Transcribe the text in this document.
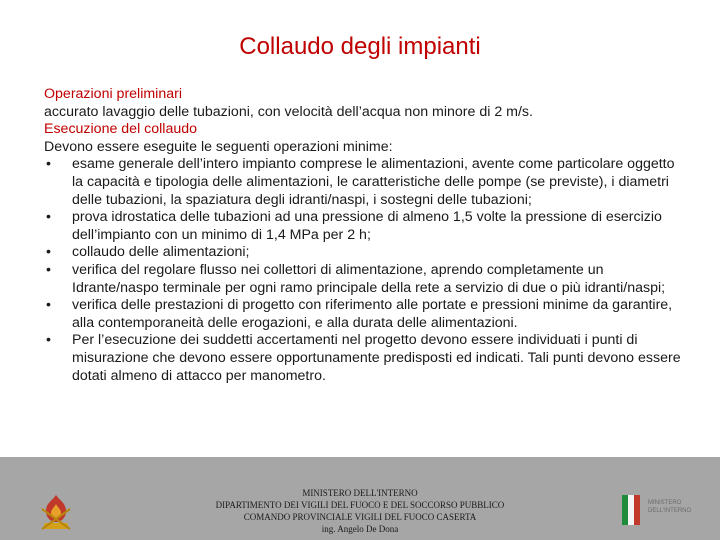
Collaudo degli impianti

Operazioni preliminari

accurato lavaggio delle tubazioni, con velocità dell’acqua non minore di 2 m/s.

Esecuzione del collaudo

Devono essere eseguite le seguenti operazioni minime:

• esame generale dell’intero impianto comprese le alimentazioni, avente come particolare oggetto la capacità e tipologia delle alimentazioni, le caratteristiche delle pompe (se previste), i diametri delle tubazioni, la spaziatura degli idranti/naspi, i sostegni delle tubazioni;
• prova idrostatica delle tubazioni ad una pressione di almeno 1,5 volte la pressione di esercizio dell’impianto con un minimo di 1,4 MPa per 2 h;
• collaudo delle alimentazioni;
• verifica del regolare flusso nei collettori di alimentazione, aprendo completamente un Idrante/naspo terminale per ogni ramo principale della rete a servizio di due o più idranti/naspi;
• verifica delle prestazioni di progetto con riferimento alle portate e pressioni minime da garantire, alla contemporaneità delle erogazioni, e alla durata delle alimentazioni.
• Per l’esecuzione dei suddetti accertamenti nel progetto devono essere individuati i punti di misurazione che devono essere opportunamente predisposti ed indicati. Tali punti devono essere dotati almeno di attacco per manometro.
MINISTERO DELL'INTERNO
DIPARTIMENTO DEI VIGILI DEL FUOCO E DEL SOCCORSO PUBBLICO
COMANDO PROVINCIALE VIGILI DEL FUOCO CASERTA
ing. Angelo De Dona
MINISTERO DELL'INTERNO
